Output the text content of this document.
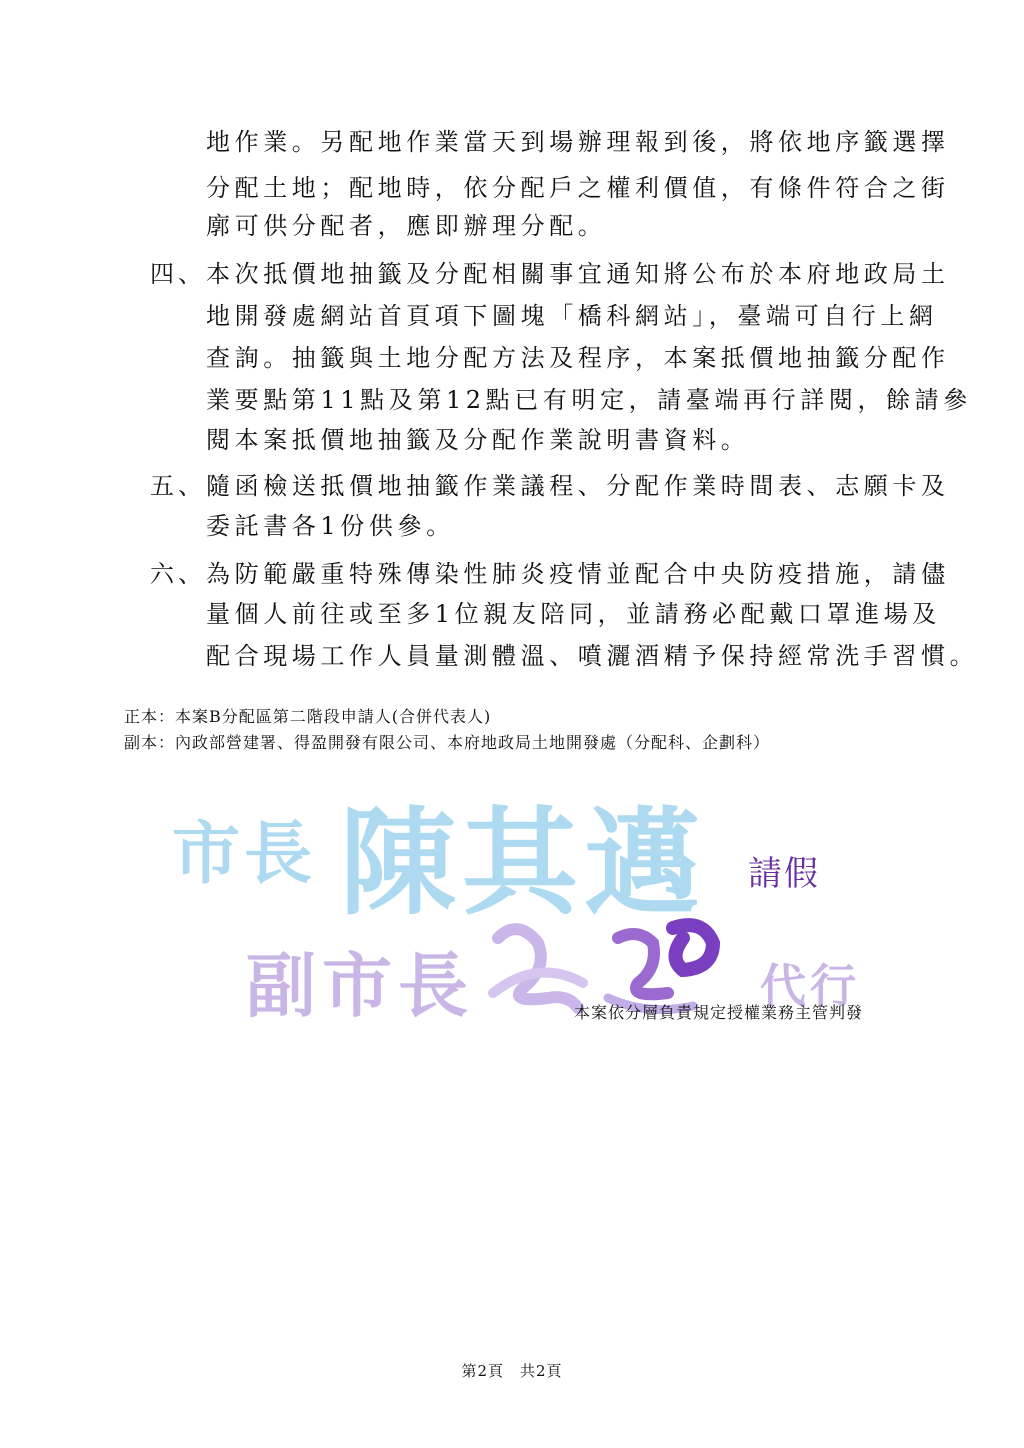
地作業。另配地作業當天到場辦理報到後，將依地序籤選擇
分配土地；配地時，依分配戶之權利價值，有條件符合之街
廓可供分配者，應即辦理分配。
四、 本次抵價地抽籤及分配相關事宜通知將公布於本府地政局土
地開發處網站首頁項下圖塊「橋科網站」，臺端可自行上網
查詢。抽籤與土地分配方法及程序，本案抵價地抽籤分配作
業要點第11點及第12點已有明定，請臺端再行詳閱，餘請參
閱本案抵價地抽籤及分配作業說明書資料。
五、 隨函檢送抵價地抽籤作業議程、分配作業時間表、志願卡及
委託書各1份供參。
六、 為防範嚴重特殊傳染性肺炎疫情並配合中央防疫措施，請儘
量個人前往或至多1位親友陪同，並請務必配戴口罩進場及
配合現場工作人員量測體溫、噴灑酒精予保持經常洗手習慣。
正本：本案B分配區第二階段申請人(合併代表人)
副本：內政部營建署、得盈開發有限公司、本府地政局土地開發處（分配科、企劃科）
市長 陳其邁 請假
副市長	代行
本案依分層負責規定授權業務主管判發
第2頁　共2頁
